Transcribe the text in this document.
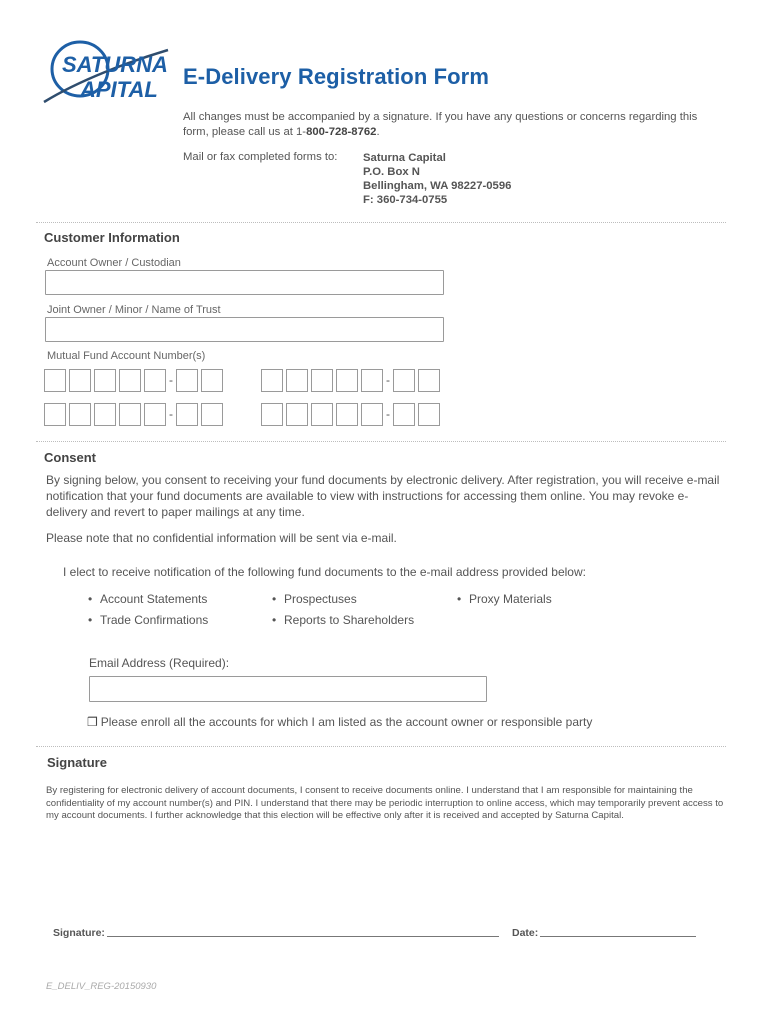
SATURNA
APITAL
E-Delivery Registration Form
All changes must be accompanied by a signature. If you have any questions or concerns regarding this form, please call us at 1-800-728-8762.
Mail or fax completed forms to: Saturna Capital
P.O. Box N
Bellingham, WA 98227-0596
F: 360-734-0755
Customer Information
Account Owner / Custodian
Joint Owner / Minor / Name of Trust
Mutual Fund Account Number(s)
-	-
-	-
Consent
By signing below, you consent to receiving your fund documents by electronic delivery. After registration, you will receive e-mail notification that your fund documents are available to view with instructions for accessing them online. You may revoke e-delivery and revert to paper mailings at any time.
Please note that no confidential information will be sent via e-mail.
I elect to receive notification of the following fund documents to the e-mail address provided below:
• Account Statements	• Prospectuses	• Proxy Materials
• Trade Confirmations	• Reports to Shareholders
Email Address (Required):
❒ Please enroll all the accounts for which I am listed as the account owner or responsible party
Signature
By registering for electronic delivery of account documents, I consent to receive documents online. I understand that I am responsible for maintaining the confidentiality of my account number(s) and PIN. I understand that there may be periodic interruption to online access, which may temporarily prevent access to my account documents. I further acknowledge that this election will be effective only after it is received and accepted by Saturna Capital.
Signature:	Date:
E_DELIV_REG-20150930
